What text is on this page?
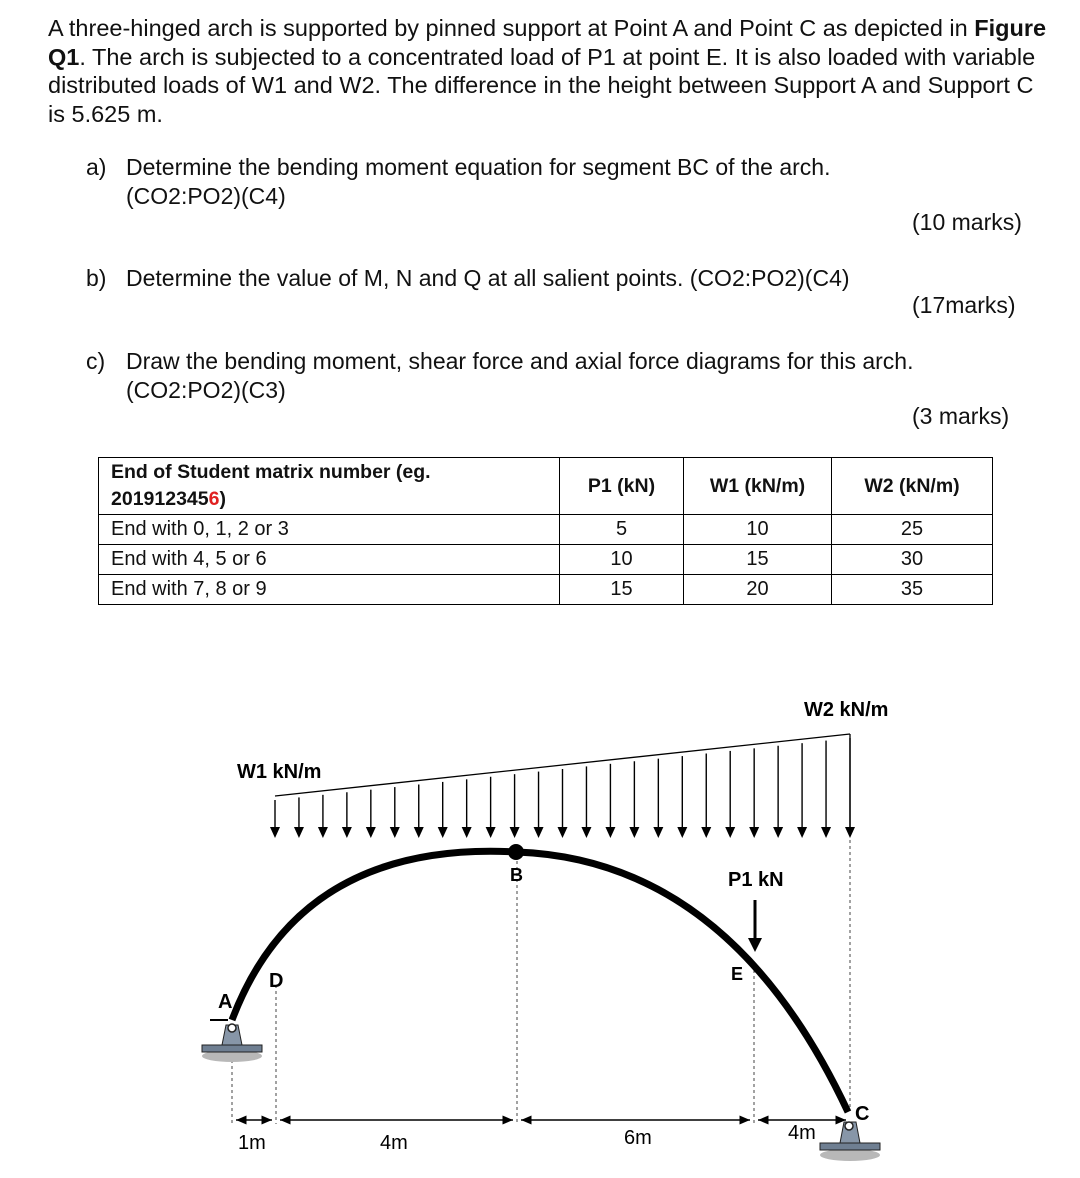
A three-hinged arch is supported by pinned support at Point A and Point C as depicted in Figure Q1. The arch is subjected to a concentrated load of P1 at point E. It is also loaded with variable distributed loads of W1 and W2. The difference in the height between Support A and Support C is 5.625 m.
a) Determine the bending moment equation for segment BC of the arch.
(CO2:PO2)(C4)
(10 marks)
b) Determine the value of M, N and Q at all salient points. (CO2:PO2)(C4)
(17marks)
c) Draw the bending moment, shear force and axial force diagrams for this arch.
(CO2:PO2)(C3)
(3 marks)
End of Student matrix number (eg.
2019123456)	P1 (kN)	W1 (kN/m)	W2 (kN/m)
End with 0, 1, 2 or 3	5	10	25
End with 4, 5 or 6	10	15	30
End with 7, 8 or 9	15	20	35
W1 kN/m
W2 kN/m
P1 kN
A
B
C
D	E
1m	4m	6m	4m
